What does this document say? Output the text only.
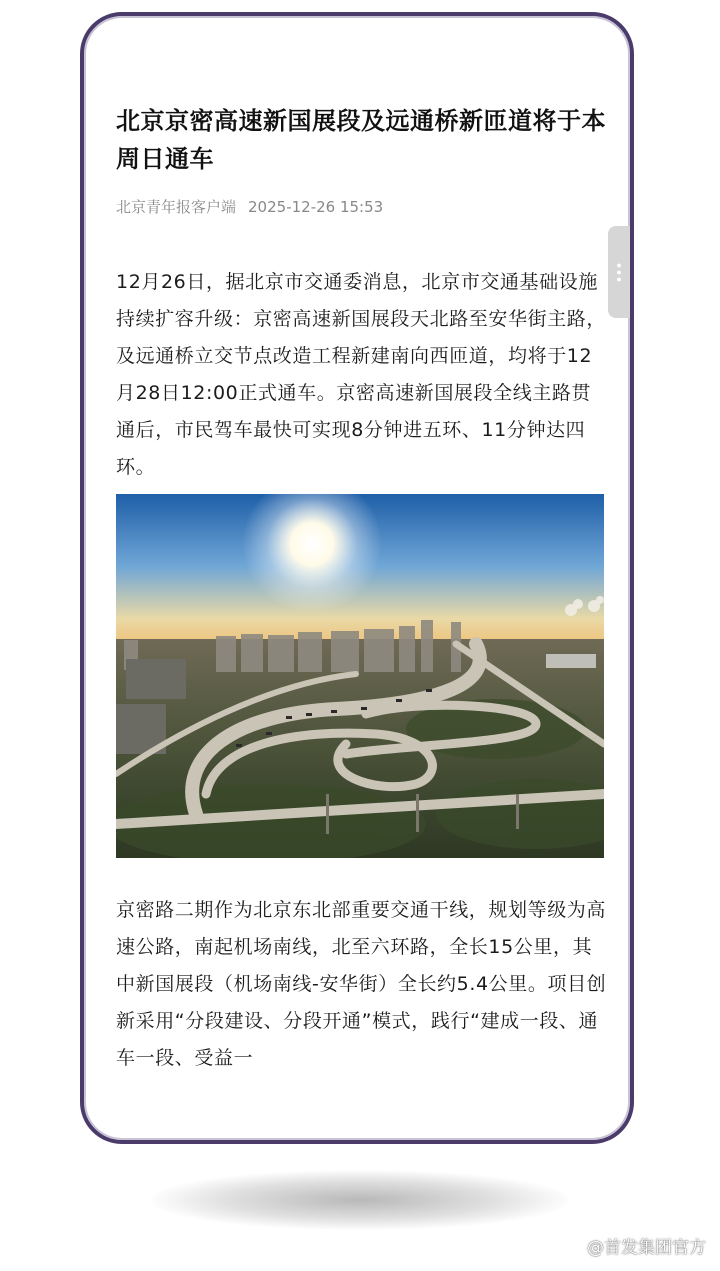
北京京密高速新国展段及远通桥新匝道将于本周日通车
北京青年报客户端 2025-12-26 15:53

12月26日，据北京市交通委消息，北京市交通基础设施持续扩容升级：京密高速新国展段天北路至安华街主路，及远通桥立交节点改造工程新建南向西匝道，均将于12月28日12:00正式通车。京密高速新国展段全线主路贯通后，市民驾车最快可实现8分钟进五环、11分钟达四环。

京密路二期作为北京东北部重要交通干线，规划等级为高速公路，南起机场南线，北至六环路，全长15公里，其中新国展段（机场南线-安华街）全长约5.4公里。项目创新采用“分段建设、分段开通”模式，践行“建成一段、通车一段、受益一

@首发集团官方
